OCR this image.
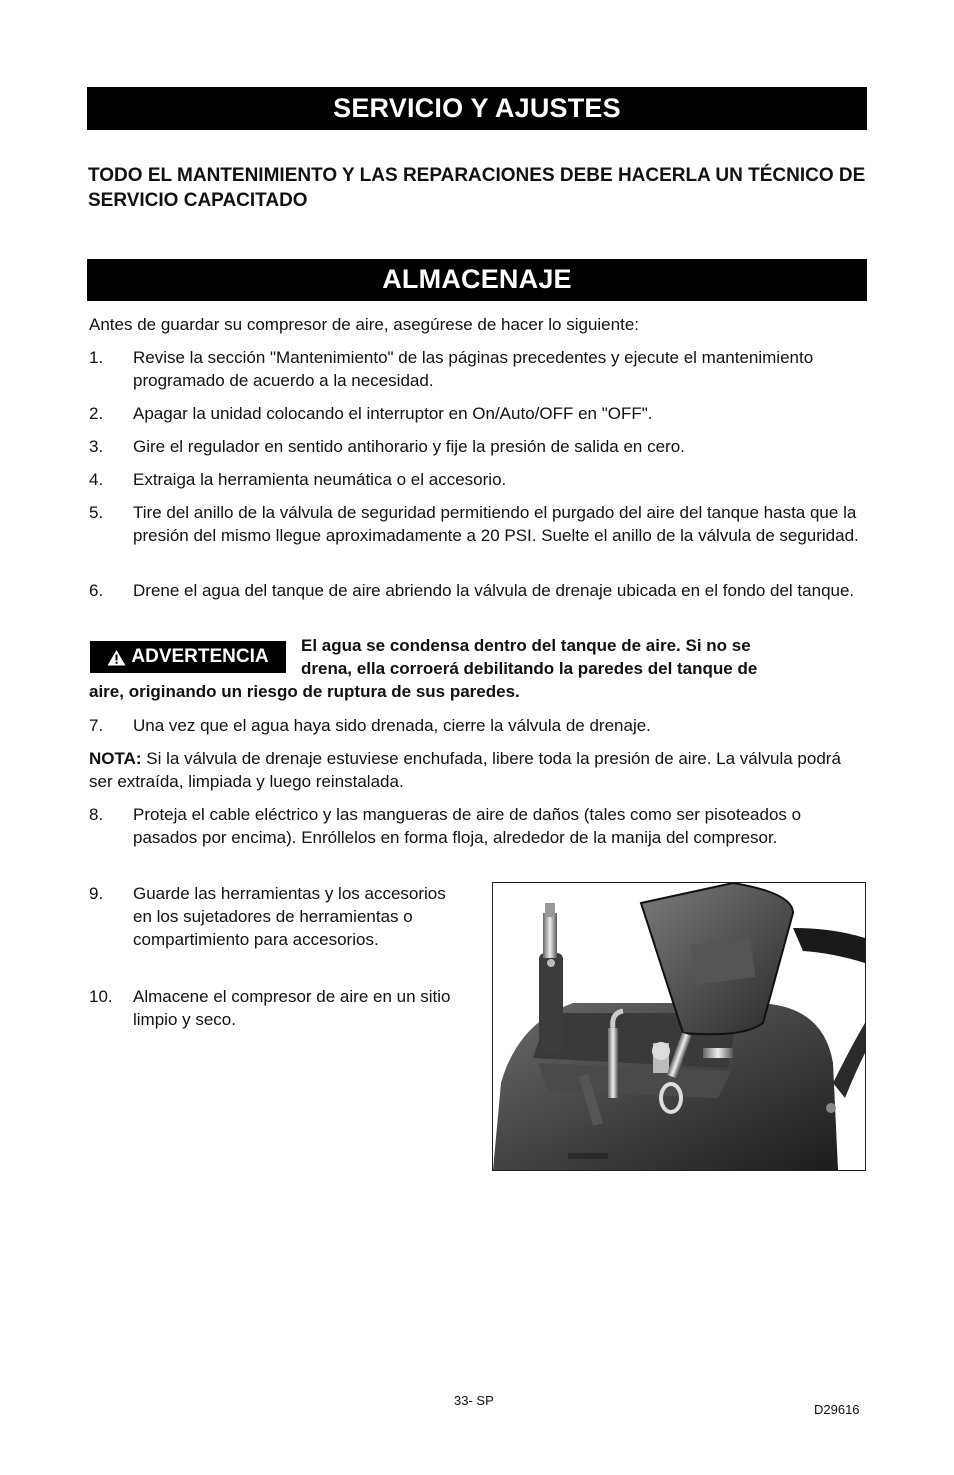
SERVICIO Y AJUSTES
TODO EL MANTENIMIENTO Y LAS REPARACIONES DEBE HACERLA UN TÉCNICO DE SERVICIO CAPACITADO
ALMACENAJE
Antes de guardar su compresor de aire, asegúrese de hacer lo siguiente:
1.	Revise la sección "Mantenimiento" de las páginas precedentes y ejecute el mantenimiento programado de acuerdo a la necesidad.
2.	Apagar la unidad colocando el interruptor en On/Auto/OFF en "OFF".
3.	Gire el regulador en sentido antihorario y fije la presión de salida en cero.
4.	Extraiga la herramienta neumática o el accesorio.
5.	Tire del anillo de la válvula de seguridad permitiendo el purgado del aire del tanque hasta que la presión del mismo llegue aproximadamente a 20 PSI. Suelte el anillo de la válvula de seguridad.
6.	Drene el agua del tanque de aire abriendo la válvula de drenaje ubicada en el fondo del tanque.
ADVERTENCIA
El agua se condensa dentro del tanque de aire. Si no se
drena, ella corroerá debilitando la paredes del tanque de
aire, originando un riesgo de ruptura de sus paredes.
7.	Una vez que el agua haya sido drenada, cierre la válvula de drenaje.
NOTA: Si la válvula de drenaje estuviese enchufada, libere toda la presión de aire. La válvula podrá ser extraída, limpiada y luego reinstalada.
8.	Proteja el cable eléctrico y las mangueras de aire de daños (tales como ser pisoteados o pasados por encima). Enróllelos en forma floja, alrededor de la manija del compresor.
9.	Guarde las herramientas y los accesorios en los sujetadores de herramientas o compartimiento para accesorios.
10.	Almacene el compresor de aire en un sitio limpio y seco.
33- SP
D29616
